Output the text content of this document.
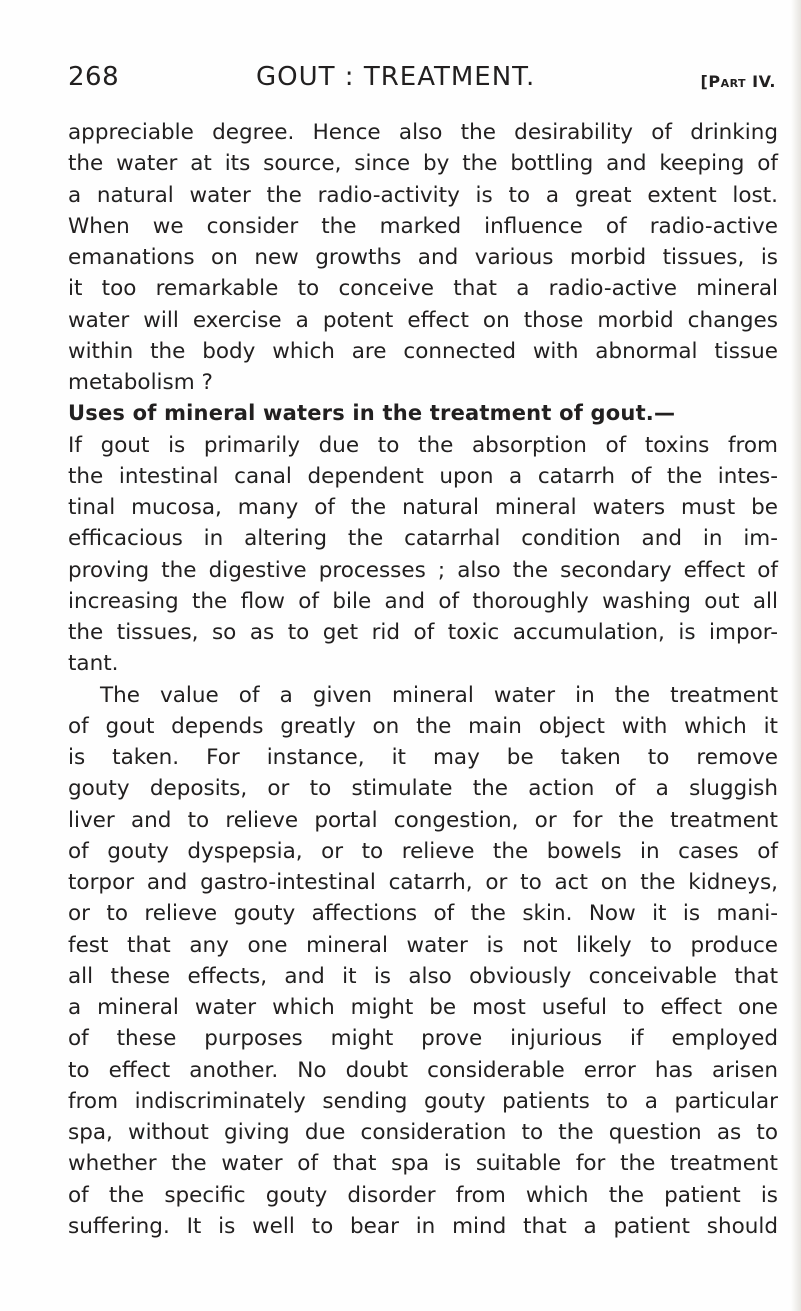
268	GOUT : TREATMENT.	[Part IV.
appreciable degree. Hence also the desirability of drinking
the water at its source, since by the bottling and keeping of
a natural water the radio-activity is to a great extent lost.
When we consider the marked influence of radio-active
emanations on new growths and various morbid tissues, is
it too remarkable to conceive that a radio-active mineral
water will exercise a potent effect on those morbid changes
within the body which are connected with abnormal tissue
metabolism ?
Uses of mineral waters in the treatment of gout.—
If gout is primarily due to the absorption of toxins from
the intestinal canal dependent upon a catarrh of the intes-
tinal mucosa, many of the natural mineral waters must be
efficacious in altering the catarrhal condition and in im-
proving the digestive processes ; also the secondary effect of
increasing the flow of bile and of thoroughly washing out all
the tissues, so as to get rid of toxic accumulation, is impor-
tant.
The value of a given mineral water in the treatment
of gout depends greatly on the main object with which it
is taken. For instance, it may be taken to remove
gouty deposits, or to stimulate the action of a sluggish
liver and to relieve portal congestion, or for the treatment
of gouty dyspepsia, or to relieve the bowels in cases of
torpor and gastro-intestinal catarrh, or to act on the kidneys,
or to relieve gouty affections of the skin. Now it is mani-
fest that any one mineral water is not likely to produce
all these effects, and it is also obviously conceivable that
a mineral water which might be most useful to effect one
of these purposes might prove injurious if employed
to effect another. No doubt considerable error has arisen
from indiscriminately sending gouty patients to a particular
spa, without giving due consideration to the question as to
whether the water of that spa is suitable for the treatment
of the specific gouty disorder from which the patient is
suffering. It is well to bear in mind that a patient should
